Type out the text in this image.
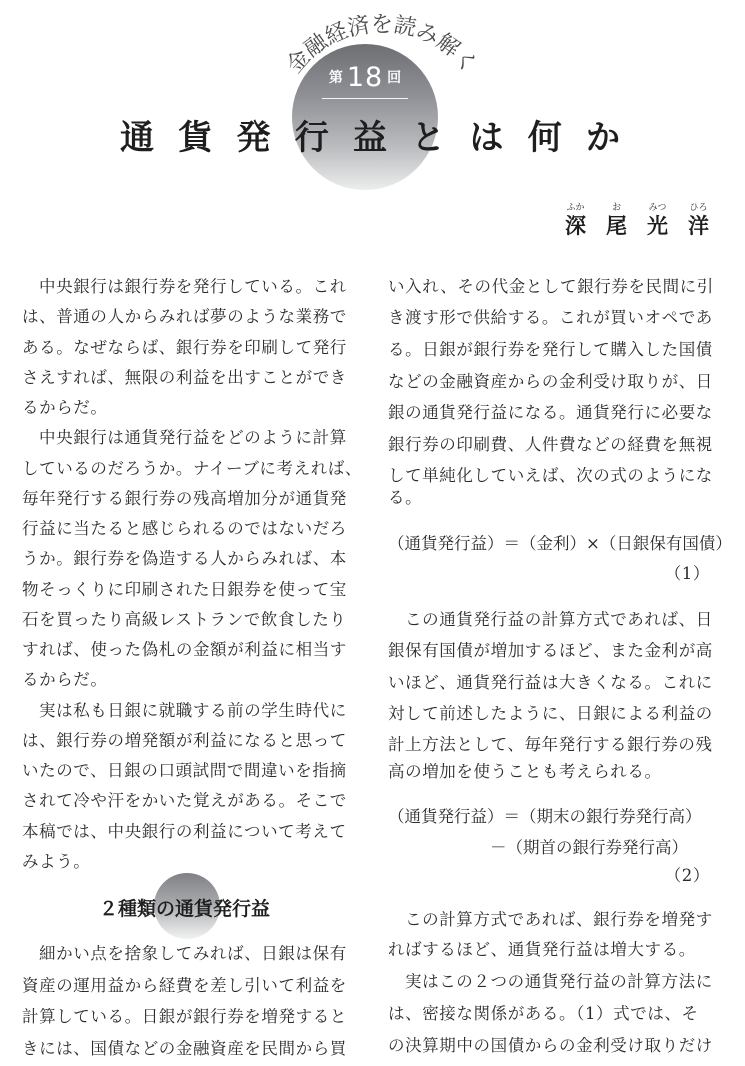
金融経済を読み解く
第 18 回
通 貨 発 行 益 と は 何 か
ふか
深
お
尾
みつ
光
ひろ
洋
中央銀行は銀行券を発行している。これ
は、普通の人からみれば夢のような業務で
ある。なぜならば、銀行券を印刷して発行
さえすれば、無限の利益を出すことができ
るからだ。
中央銀行は通貨発行益をどのように計算
しているのだろうか。ナイーブに考えれば、
毎年発行する銀行券の残高増加分が通貨発
行益に当たると感じられるのではないだろ
うか。銀行券を偽造する人からみれば、本
物そっくりに印刷された日銀券を使って宝
石を買ったり高級レストランで飲食したり
すれば、使った偽札の金額が利益に相当す
るからだ。
実は私も日銀に就職する前の学生時代に
は、銀行券の増発額が利益になると思って
いたので、日銀の口頭試問で間違いを指摘
されて冷や汗をかいた覚えがある。そこで
本稿では、中央銀行の利益について考えて
みよう。
２種類の通貨発行益
細かい点を捨象してみれば、日銀は保有
資産の運用益から経費を差し引いて利益を
計算している。日銀が銀行券を増発すると
きには、国債などの金融資産を民間から買
い入れ、その代金として銀行券を民間に引
き渡す形で供給する。これが買いオペであ
る。日銀が銀行券を発行して購入した国債
などの金融資産からの金利受け取りが、日
銀の通貨発行益になる。通貨発行に必要な
銀行券の印刷費、人件費などの経費を無視
して単純化していえば、次の式のようにな
る。
（通貨発行益）＝（金利）×（日銀保有国債）
（1）
この通貨発行益の計算方式であれば、日
銀保有国債が増加するほど、また金利が高
いほど、通貨発行益は大きくなる。これに
対して前述したように、日銀による利益の
計上方法として、毎年発行する銀行券の残
高の増加を使うことも考えられる。
（通貨発行益）＝（期末の銀行券発行高）
－（期首の銀行券発行高）
（2）
この計算方式であれば、銀行券を増発す
ればするほど、通貨発行益は増大する。
実はこの２つの通貨発行益の計算方法に
は、密接な関係がある。（1）式では、そ
の決算期中の国債からの金利受け取りだけ
